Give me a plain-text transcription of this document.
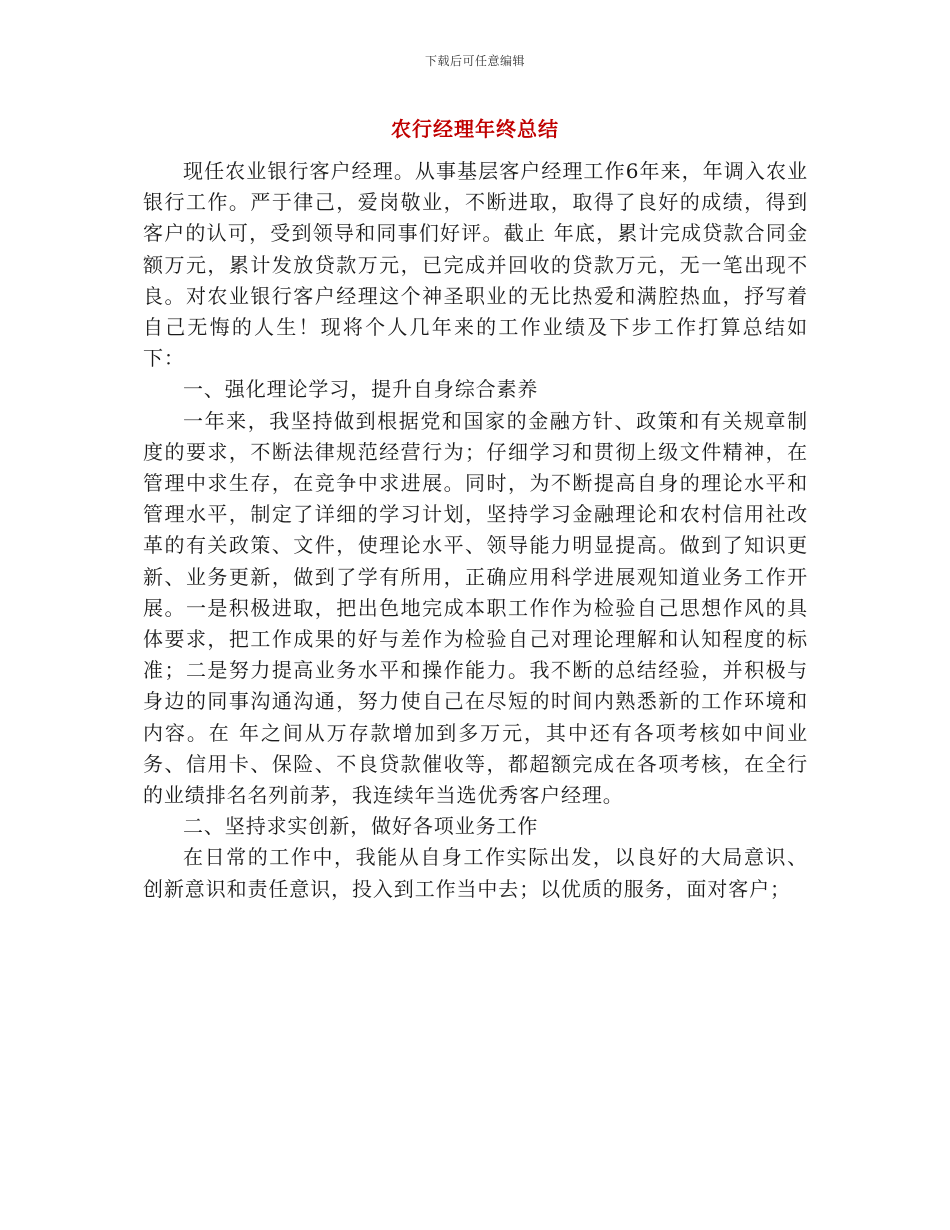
下载后可任意编辑
农行经理年终总结

现任农业银行客户经理。从事基层客户经理工作6年来，年调入农业银行工作。严于律己，爱岗敬业，不断进取，取得了良好的成绩，得到客户的认可，受到领导和同事们好评。截止 年底，累计完成贷款合同金额万元，累计发放贷款万元，已完成并回收的贷款万元，无一笔出现不良。对农业银行客户经理这个神圣职业的无比热爱和满腔热血，抒写着自己无悔的人生！现将个人几年来的工作业绩及下步工作打算总结如下：

一、强化理论学习，提升自身综合素养

一年来，我坚持做到根据党和国家的金融方针、政策和有关规章制度的要求，不断法律规范经营行为；仔细学习和贯彻上级文件精神，在管理中求生存，在竞争中求进展。同时，为不断提高自身的理论水平和管理水平，制定了详细的学习计划，坚持学习金融理论和农村信用社改革的有关政策、文件，使理论水平、领导能力明显提高。做到了知识更新、业务更新，做到了学有所用，正确应用科学进展观知道业务工作开展。一是积极进取，把出色地完成本职工作作为检验自己思想作风的具体要求，把工作成果的好与差作为检验自己对理论理解和认知程度的标准；二是努力提高业务水平和操作能力。我不断的总结经验，并积极与身边的同事沟通沟通，努力使自己在尽短的时间内熟悉新的工作环境和内容。在 年之间从万存款增加到多万元，其中还有各项考核如中间业务、信用卡、保险、不良贷款催收等，都超额完成在各项考核，在全行的业绩排名名列前茅，我连续年当选优秀客户经理。

二、坚持求实创新，做好各项业务工作

在日常的工作中，我能从自身工作实际出发，以良好的大局意识、创新意识和责任意识，投入到工作当中去；以优质的服务，面对客户；
